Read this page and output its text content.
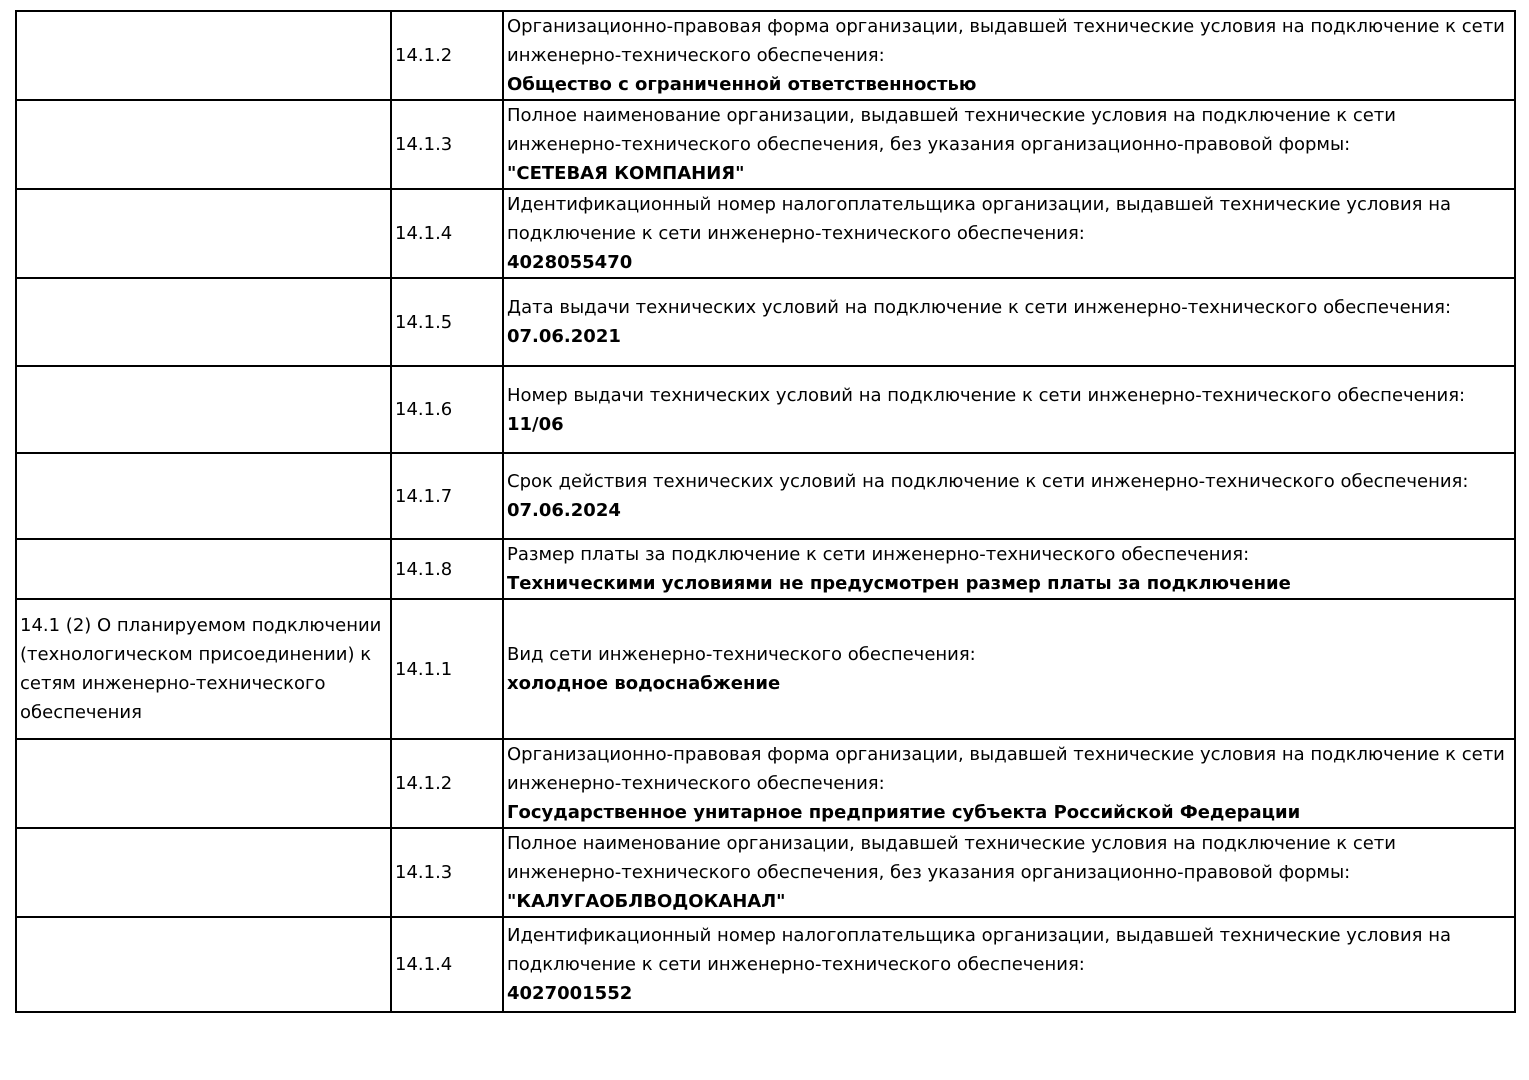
	14.1.2	Организационно-правовая форма организации, выдавшей технические условия на подключение к сети инженерно-технического обеспечения:
Общество с ограниченной ответственностью

	14.1.3	Полное наименование организации, выдавшей технические условия на подключение к сети инженерно-технического обеспечения, без указания организационно-правовой формы:
"СЕТЕВАЯ КОМПАНИЯ"

	14.1.4	Идентификационный номер налогоплательщика организации, выдавшей технические условия на подключение к сети инженерно-технического обеспечения:
4028055470

	14.1.5	Дата выдачи технических условий на подключение к сети инженерно-технического обеспечения:
07.06.2021

	14.1.6	Номер выдачи технических условий на подключение к сети инженерно-технического обеспечения:
11/06

	14.1.7	Срок действия технических условий на подключение к сети инженерно-технического обеспечения:
07.06.2024

	14.1.8	Размер платы за подключение к сети инженерно-технического обеспечения:
Техническими условиями не предусмотрен размер платы за подключение

14.1 (2) О планируемом подключении (технологическом присоединении) к сетям инженерно-технического обеспечения	14.1.1	Вид сети инженерно-технического обеспечения:
холодное водоснабжение

	14.1.2	Организационно-правовая форма организации, выдавшей технические условия на подключение к сети инженерно-технического обеспечения:
Государственное унитарное предприятие субъекта Российской Федерации

	14.1.3	Полное наименование организации, выдавшей технические условия на подключение к сети инженерно-технического обеспечения, без указания организационно-правовой формы:
"КАЛУГАОБЛВОДОКАНАЛ"

	14.1.4	Идентификационный номер налогоплательщика организации, выдавшей технические условия на подключение к сети инженерно-технического обеспечения:
4027001552
